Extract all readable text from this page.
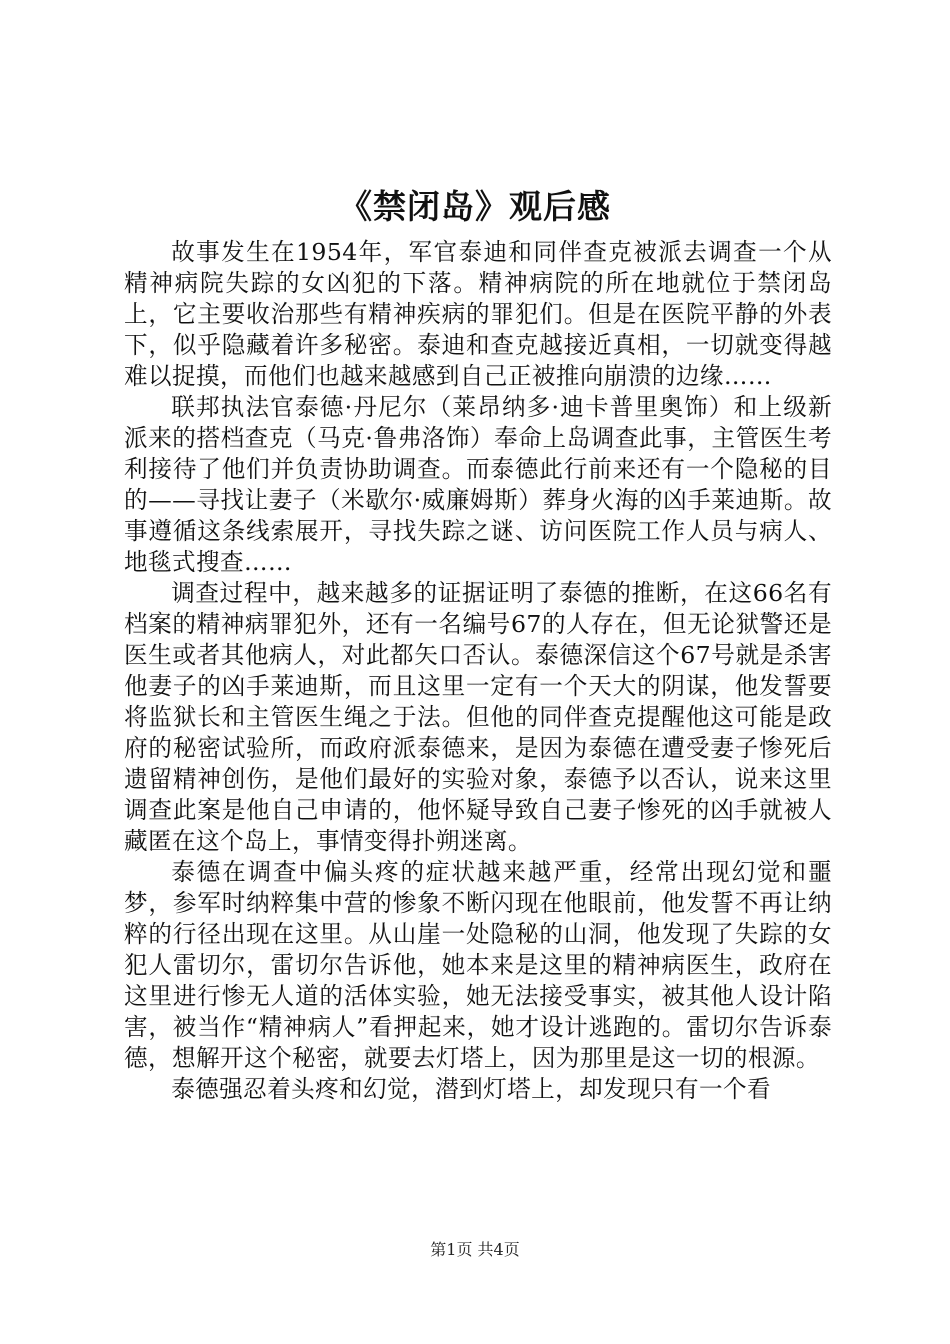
《禁闭岛》观后感

故事发生在1954年，军官泰迪和同伴查克被派去调查一个从精神病院失踪的女凶犯的下落。精神病院的所在地就位于禁闭岛上，它主要收治那些有精神疾病的罪犯们。但是在医院平静的外表下，似乎隐藏着许多秘密。泰迪和查克越接近真相，一切就变得越难以捉摸，而他们也越来越感到自己正被推向崩溃的边缘……

联邦执法官泰德·丹尼尔（莱昂纳多·迪卡普里奥饰）和上级新派来的搭档查克（马克·鲁弗洛饰）奉命上岛调查此事，主管医生考利接待了他们并负责协助调查。而泰德此行前来还有一个隐秘的目的——寻找让妻子（米歇尔·威廉姆斯）葬身火海的凶手莱迪斯。故事遵循这条线索展开，寻找失踪之谜、访问医院工作人员与病人、地毯式搜查……

调查过程中，越来越多的证据证明了泰德的推断，在这66名有档案的精神病罪犯外，还有一名编号67的人存在，但无论狱警还是医生或者其他病人，对此都矢口否认。泰德深信这个67号就是杀害他妻子的凶手莱迪斯，而且这里一定有一个天大的阴谋，他发誓要将监狱长和主管医生绳之于法。但他的同伴查克提醒他这可能是政府的秘密试验所，而政府派泰德来，是因为泰德在遭受妻子惨死后遗留精神创伤，是他们最好的实验对象，泰德予以否认，说来这里调查此案是他自己申请的，他怀疑导致自己妻子惨死的凶手就被人藏匿在这个岛上，事情变得扑朔迷离。

泰德在调查中偏头疼的症状越来越严重，经常出现幻觉和噩梦，参军时纳粹集中营的惨象不断闪现在他眼前，他发誓不再让纳粹的行径出现在这里。从山崖一处隐秘的山洞，他发现了失踪的女犯人雷切尔，雷切尔告诉他，她本来是这里的精神病医生，政府在这里进行惨无人道的活体实验，她无法接受事实，被其他人设计陷害，被当作“精神病人”看押起来，她才设计逃跑的。雷切尔告诉泰德，想解开这个秘密，就要去灯塔上，因为那里是这一切的根源。

泰德强忍着头疼和幻觉，潜到灯塔上，却发现只有一个看

第1页 共4页
